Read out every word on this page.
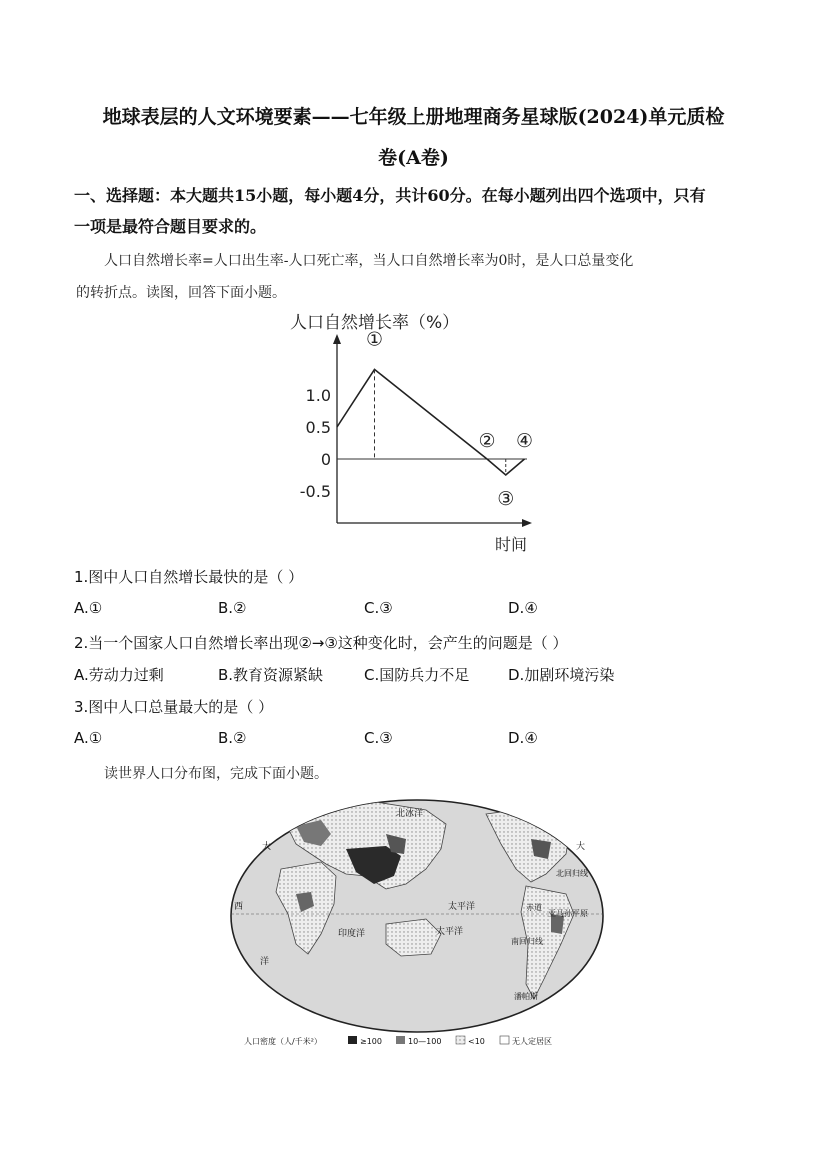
地球表层的人文环境要素——七年级上册地理商务星球版(2024)单元质检
卷(A卷)
一、选择题：本大题共15小题，每小题4分，共计60分。在每小题列出四个选项中，只有
一项是最符合题目要求的。
人口自然增长率=人口出生率-人口死亡率，当人口自然增长率为0时，是人口总量变化
的转折点。读图，回答下面小题。
人口自然增长率（%）
时间
1.0
0.5
0
-0.5
①
②
③
④
1.图中人口自然增长最快的是（ ）
A.①	B.②	C.③	D.④
2.当一个国家人口自然增长率出现②→③这种变化时，会产生的问题是（ ）
A.劳动力过剩	B.教育资源紧缺	C.国防兵力不足	D.加剧环境污染
3.图中人口总量最大的是（ ）
A.①	B.②	C.③	D.④
读世界人口分布图，完成下面小题。
北冰洋
太平洋
太平洋
印度洋
大
西
洋
大
赤道
北回归线
南回归线
亚马孙平原
潘帕斯
人口密度（人/千米²）	≥100	10—100	<10	无人定居区
